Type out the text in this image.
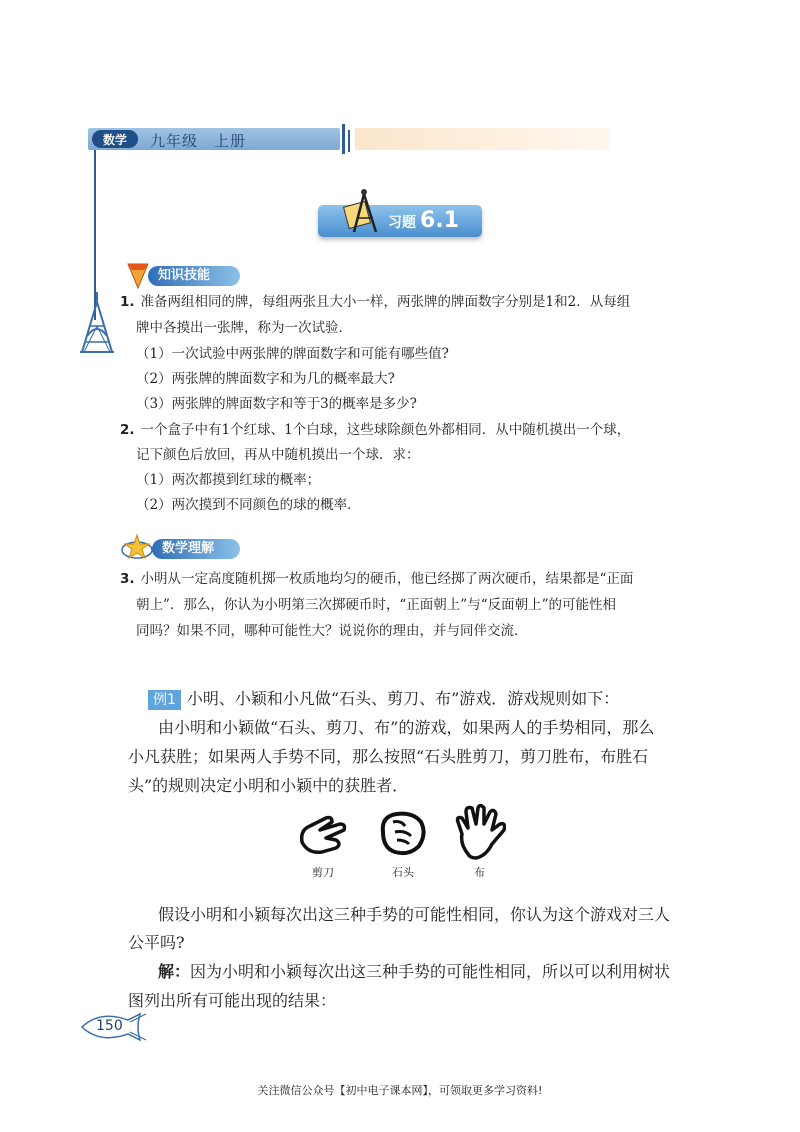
数学	九年级　上册
习题 6.1
知识技能
1. 准备两组相同的牌，每组两张且大小一样，两张牌的牌面数字分别是1和2．从每组
牌中各摸出一张牌，称为一次试验．
（1）一次试验中两张牌的牌面数字和可能有哪些值?
（2）两张牌的牌面数字和为几的概率最大?
（3）两张牌的牌面数字和等于3的概率是多少?
2. 一个盒子中有1个红球、1个白球，这些球除颜色外都相同．从中随机摸出一个球，
记下颜色后放回，再从中随机摸出一个球．求：
（1）两次都摸到红球的概率；
（2）两次摸到不同颜色的球的概率．
数学理解
3. 小明从一定高度随机掷一枚质地均匀的硬币，他已经掷了两次硬币，结果都是“正面
朝上”．那么，你认为小明第三次掷硬币时，“正面朝上”与“反面朝上”的可能性相
同吗？如果不同，哪种可能性大？说说你的理由，并与同伴交流．
例1 小明、小颖和小凡做“石头、剪刀、布”游戏．游戏规则如下：
由小明和小颖做“石头、剪刀、布”的游戏，如果两人的手势相同，那么
小凡获胜；如果两人手势不同，那么按照“石头胜剪刀，剪刀胜布，布胜石
头”的规则决定小明和小颖中的获胜者．
剪刀	石头	布
假设小明和小颖每次出这三种手势的可能性相同，你认为这个游戏对三人
公平吗?
解：因为小明和小颖每次出这三种手势的可能性相同，所以可以利用树状
图列出所有可能出现的结果：
150
关注微信公众号【初中电子课本网】，可领取更多学习资料!
